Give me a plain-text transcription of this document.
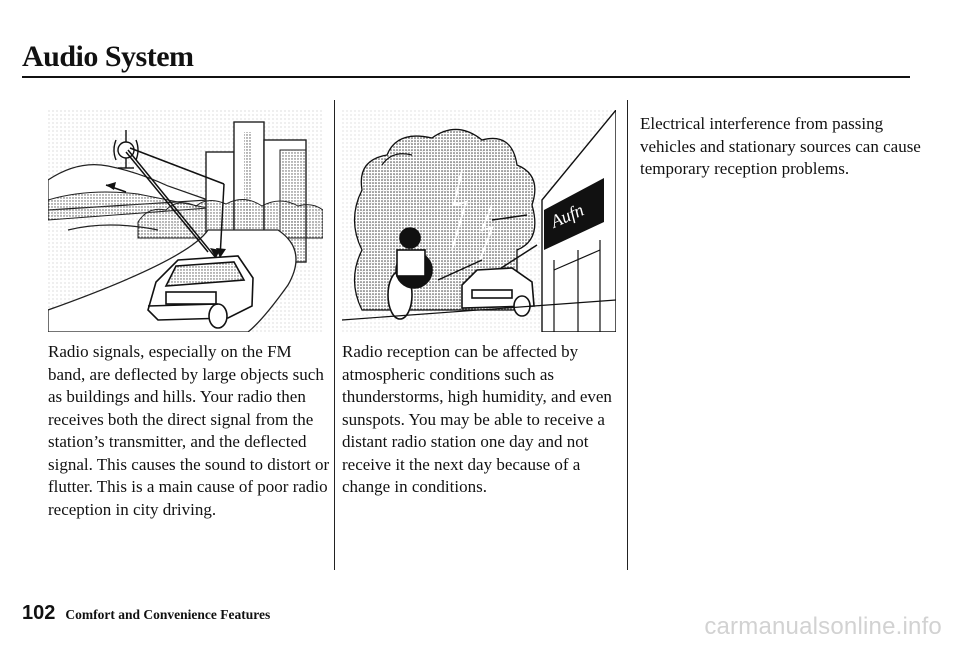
Audio System
Aufn

Radio signals, especially on the FM band, are deflected by large objects such as buildings and hills. Your radio then receives both the direct signal from the station’s transmitter, and the deflected signal. This causes the sound to distort or flutter. This is a main cause of poor radio reception in city driving.

Radio reception can be affected by atmospheric conditions such as thunderstorms, high humidity, and even sunspots. You may be able to receive a distant radio station one day and not receive it the next day because of a change in conditions.

Electrical interference from passing vehicles and stationary sources can cause temporary reception problems.

102 Comfort and Convenience Features	carmanualsonline.info
